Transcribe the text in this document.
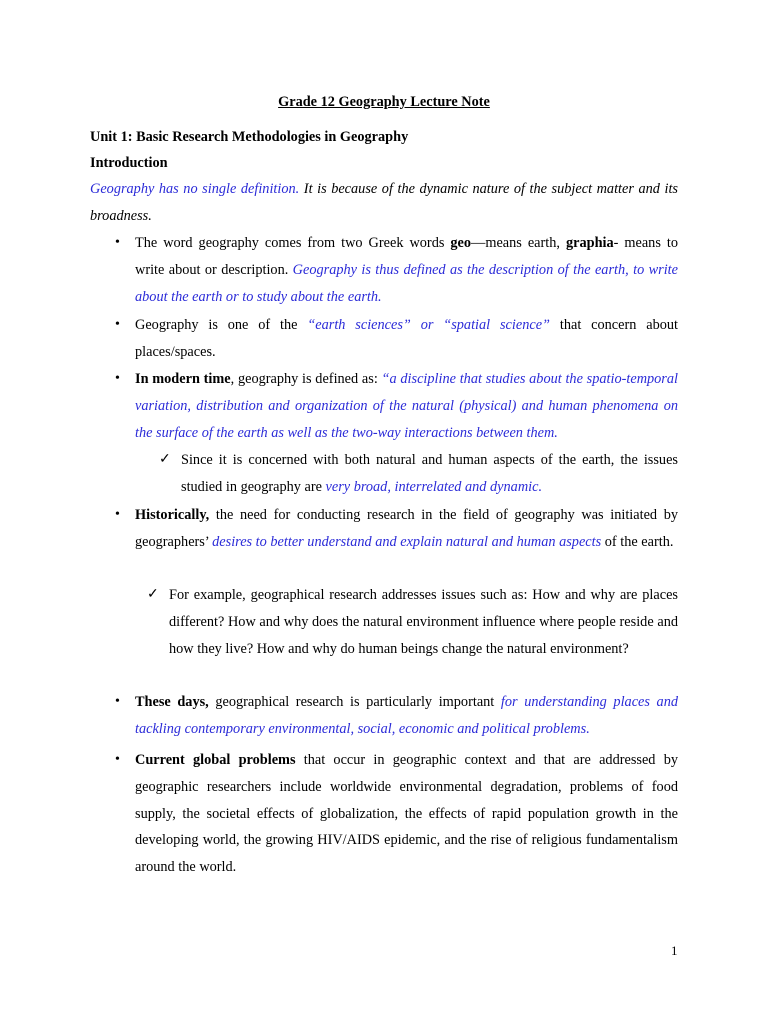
Grade 12 Geography Lecture Note
Unit 1: Basic Research Methodologies in Geography
Introduction
Geography has no single definition. It is because of the dynamic nature of the subject matter and its broadness.
• The word geography comes from two Greek words geo—means earth, graphia- means to write about or description. Geography is thus defined as the description of the earth, to write about the earth or to study about the earth.
• Geography is one of the “earth sciences” or “spatial science” that concern about places/spaces.
• In modern time, geography is defined as: “a discipline that studies about the spatio-temporal variation, distribution and organization of the natural (physical) and human phenomena on the surface of the earth as well as the two-way interactions between them.
✓ Since it is concerned with both natural and human aspects of the earth, the issues studied in geography are very broad, interrelated and dynamic.
• Historically, the need for conducting research in the field of geography was initiated by geographers’ desires to better understand and explain natural and human aspects of the earth.
✓ For example, geographical research addresses issues such as: How and why are places different? How and why does the natural environment influence where people reside and how they live? How and why do human beings change the natural environment?
• These days, geographical research is particularly important for understanding places and tackling contemporary environmental, social, economic and political problems.
• Current global problems that occur in geographic context and that are addressed by geographic researchers include worldwide environmental degradation, problems of food supply, the societal effects of globalization, the effects of rapid population growth in the developing world, the growing HIV/AIDS epidemic, and the rise of religious fundamentalism around the world.
1
